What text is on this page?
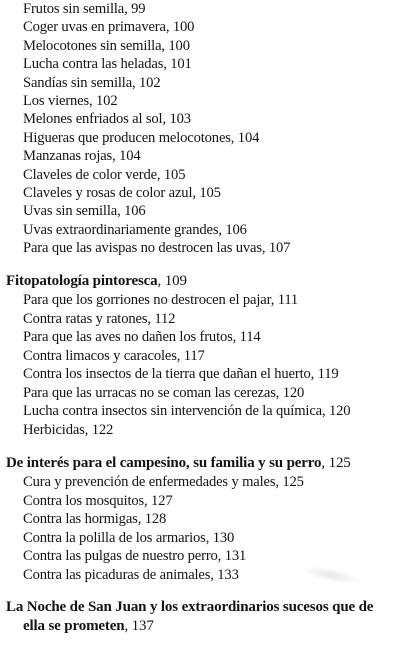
Frutos sin semilla, 99
Coger uvas en primavera, 100
Melocotones sin semilla, 100
Lucha contra las heladas, 101
Sandías sin semilla, 102
Los viernes, 102
Melones enfriados al sol, 103
Higueras que producen melocotones, 104
Manzanas rojas, 104
Claveles de color verde, 105
Claveles y rosas de color azul, 105
Uvas sin semilla, 106
Uvas extraordinariamente grandes, 106
Para que las avispas no destrocen las uvas, 107
Fitopatología pintoresca, 109
Para que los gorriones no destrocen el pajar, 111
Contra ratas y ratones, 112
Para que las aves no dañen los frutos, 114
Contra limacos y caracoles, 117
Contra los insectos de la tierra que dañan el huerto, 119
Para que las urracas no se coman las cerezas, 120
Lucha contra insectos sin intervención de la química, 120
Herbicidas, 122
De interés para el campesino, su familia y su perro, 125
Cura y prevención de enfermedades y males, 125
Contra los mosquitos, 127
Contra las hormigas, 128
Contra la polilla de los armarios, 130
Contra las pulgas de nuestro perro, 131
Contra las picaduras de animales, 133
La Noche de San Juan y los extraordinarios sucesos que de
ella se prometen, 137
